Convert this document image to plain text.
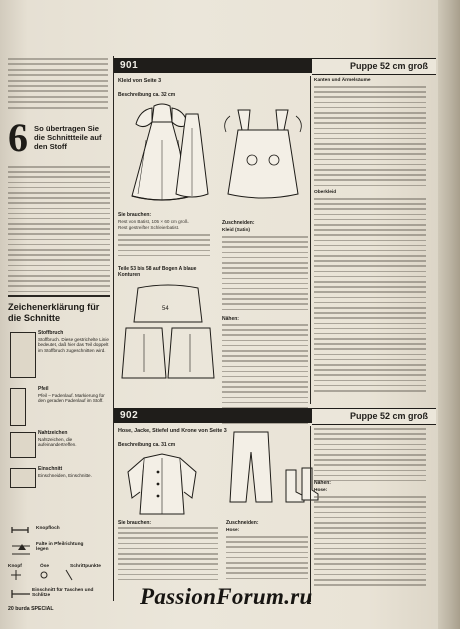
6 So übertragen Sie die Schnittteile auf den Stoff
Zeichenerklärung für die Schnitte
Stoffbruch
Stoffbruch. Diese gestrichelte Linie bedeutet, daß hier das Teil doppelt im Stoffbruch zugeschnitten wird.
Pfeil
Pfeil – Fadenlauf. Markierung für den geraden Fadenlauf im Stoff.
Nahtzeichen
Nahtzeichen, die aufeinandertreffen.
Einschnitt
Einschneiden, Einschnitte.
Knopfloch
Falte in Pfeilrichtung legen
Knopf	Öse	Schrittpunkte
Einschnitt für Taschen und Schlitze
20 burda SPECIAL
901	Puppe 52 cm groß
Kleid von Seite 3
Beschreibung ca. 32 cm
Sie brauchen:
Rest von Batist, 105 × 60 cm groß. Rest gestreifter Schleierbatist.
Teile 53 bis 58 auf Bogen A blaue Konturen
54
Zuschneiden:
Kleid (Satin)
Nähen:
Kanten und Ärmelsäume
Oberkleid
902	Puppe 52 cm groß
Hose, Jacke, Stiefel und Krone von Seite 3
Beschreibung ca. 31 cm
Sie brauchen:	Zuschneiden:
Hose:
Nähen:
Hose:
PassionForum.ru
